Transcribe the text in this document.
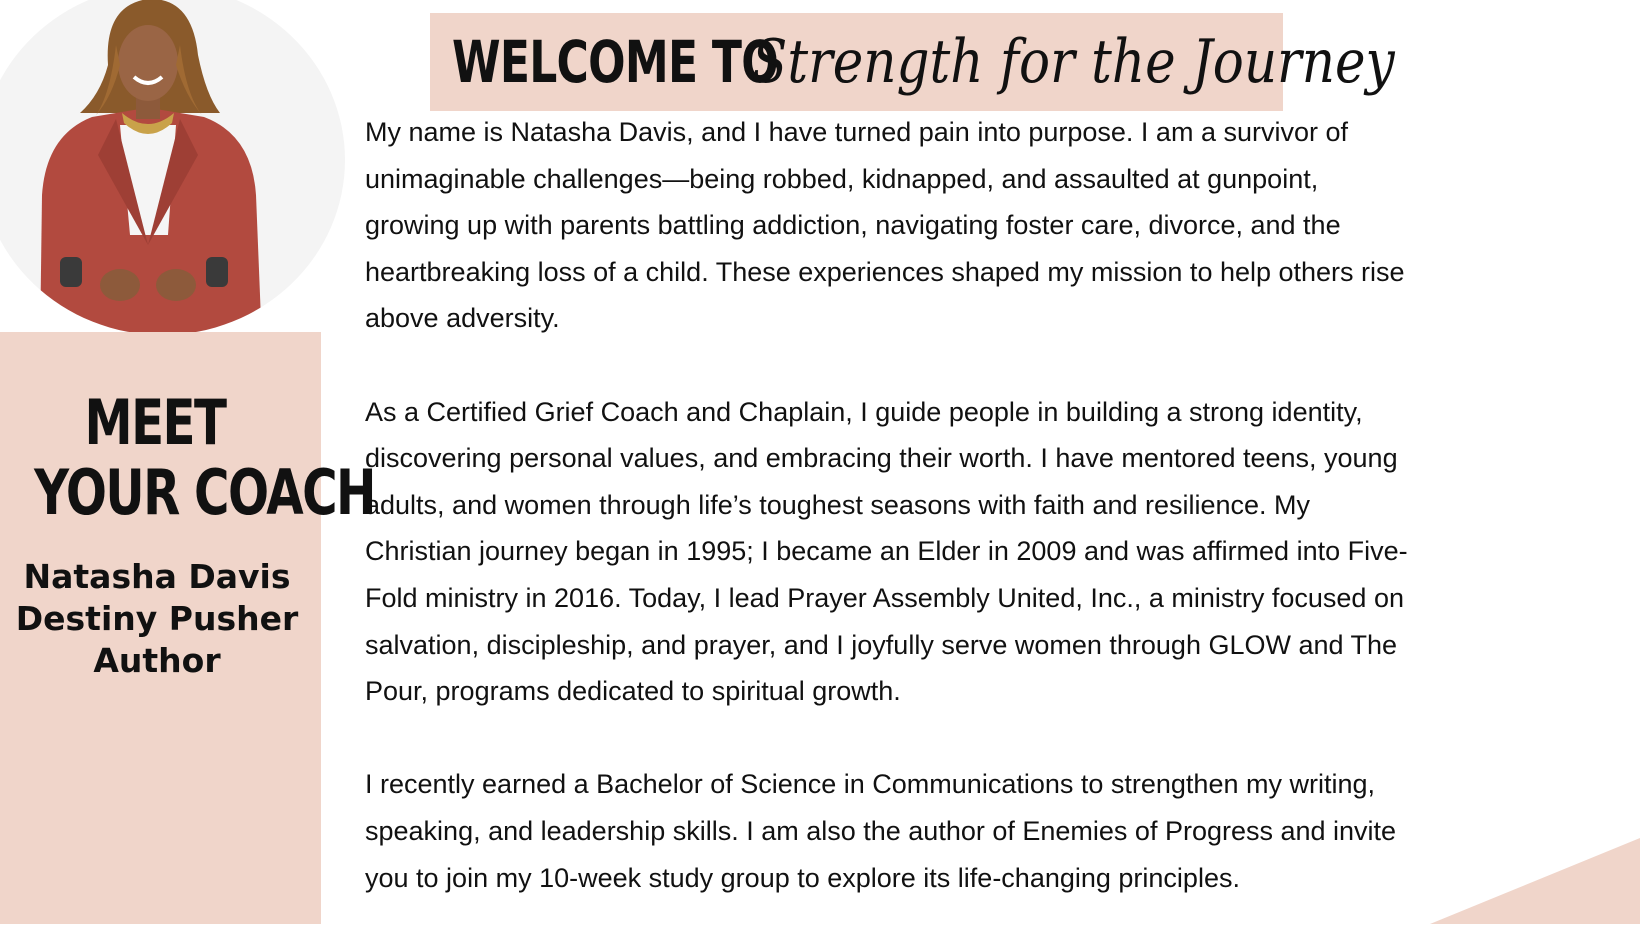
MEET
YOUR COACH
Natasha Davis
Destiny Pusher
Author
WELCOME TO
Strength for the Journey

My name is Natasha Davis, and I have turned pain into purpose. I am a survivor of
unimaginable challenges—being robbed, kidnapped, and assaulted at gunpoint,
growing up with parents battling addiction, navigating foster care, divorce, and the
heartbreaking loss of a child. These experiences shaped my mission to help others rise
above adversity.

As a Certified Grief Coach and Chaplain, I guide people in building a strong identity,
discovering personal values, and embracing their worth. I have mentored teens, young
adults, and women through life’s toughest seasons with faith and resilience. My
Christian journey began in 1995; I became an Elder in 2009 and was affirmed into Five-
Fold ministry in 2016. Today, I lead Prayer Assembly United, Inc., a ministry focused on
salvation, discipleship, and prayer, and I joyfully serve women through GLOW and The
Pour, programs dedicated to spiritual growth.

I recently earned a Bachelor of Science in Communications to strengthen my writing,
speaking, and leadership skills. I am also the author of Enemies of Progress and invite
you to join my 10-week study group to explore its life-changing principles.
